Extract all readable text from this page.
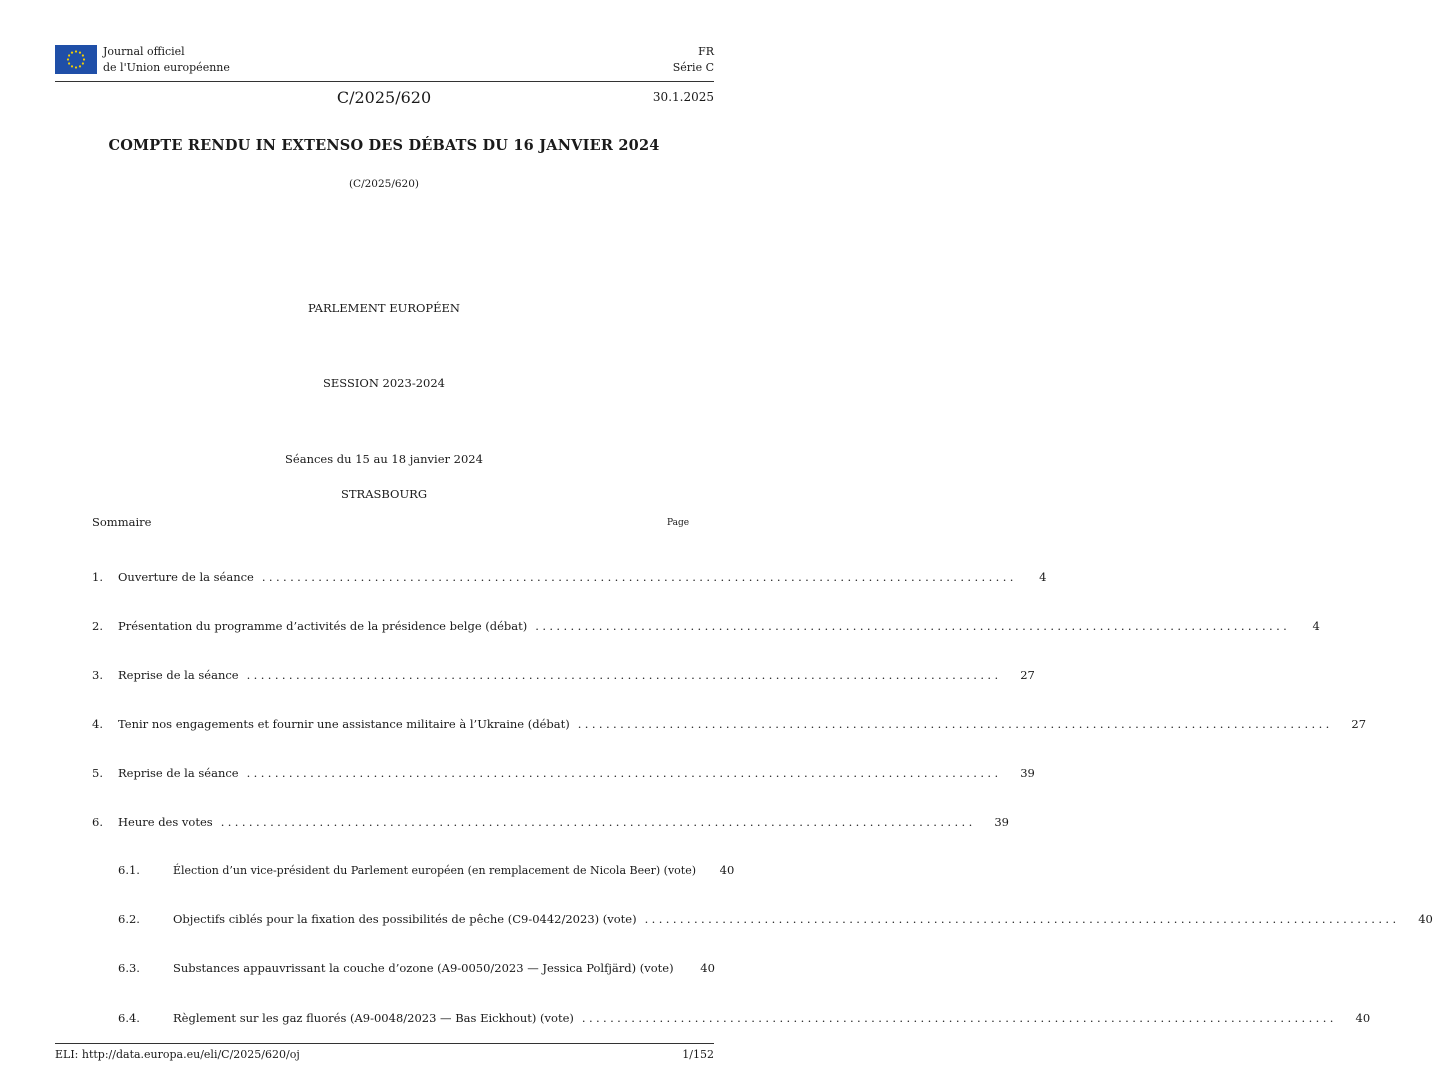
Journal officiel
de l'Union européenne
FR
Série C
C/2025/620	30.1.2025
COMPTE RENDU IN EXTENSO DES DÉBATS DU 16 JANVIER 2024
(C/2025/620)
PARLEMENT EUROPÉEN
SESSION 2023-2024
Séances du 15 au 18 janvier 2024
STRASBOURG
Sommaire	Page
1.	Ouverture de la séance ...........................................................................................................	4
2.	Présentation du programme d’activités de la présidence belge (débat) ...........................................................................................................	4
3.	Reprise de la séance ...........................................................................................................	27
4.	Tenir nos engagements et fournir une assistance militaire à l’Ukraine (débat) ...........................................................................................................	27
5.	Reprise de la séance ...........................................................................................................	39
6.	Heure des votes ...........................................................................................................	39
6.1.	Élection d’un vice-président du Parlement européen (en remplacement de Nicola Beer) (vote)	40
6.2.	Objectifs ciblés pour la fixation des possibilités de pêche (C9-0442/2023) (vote) ...........................................................................................................	40
6.3.	Substances appauvrissant la couche d’ozone (A9-0050/2023 — Jessica Polfjärd) (vote)	40
6.4.	Règlement sur les gaz fluorés (A9-0048/2023 — Bas Eickhout) (vote) ...........................................................................................................	40
ELI: http://data.europa.eu/eli/C/2025/620/oj	1/152
